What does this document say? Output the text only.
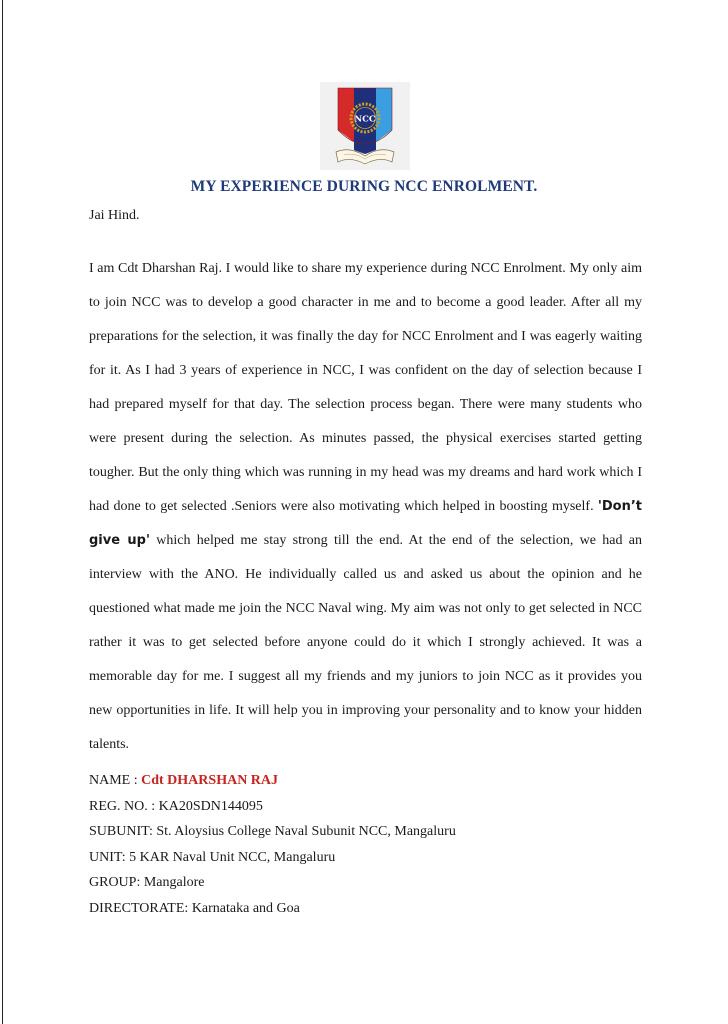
NCC
MY EXPERIENCE DURING NCC ENROLMENT.

Jai Hind.

I am Cdt Dharshan Raj. I would like to share my experience during NCC Enrolment. My only aim to join NCC was to develop a good character in me and to become a good leader. After all my preparations for the selection, it was finally the day for NCC Enrolment and I was eagerly waiting for it. As I had 3 years of experience in NCC, I was confident on the day of selection because I had prepared myself for that day. The selection process began. There were many students who were present during the selection. As minutes passed, the physical exercises started getting tougher. But the only thing which was running in my head was my dreams and hard work which I had done to get selected .Seniors were also motivating which helped in boosting myself. 'Don’t give up' which helped me stay strong till the end. At the end of the selection, we had an interview with the ANO. He individually called us and asked us about the opinion and he questioned what made me join the NCC Naval wing. My aim was not only to get selected in NCC rather it was to get selected before anyone could do it which I strongly achieved. It was a memorable day for me. I suggest all my friends and my juniors to join NCC as it provides you new opportunities in life. It will help you in improving your personality and to know your hidden talents.

NAME : Cdt DHARSHAN RAJ
REG. NO. : KA20SDN144095
SUBUNIT: St. Aloysius College Naval Subunit NCC, Mangaluru
UNIT: 5 KAR Naval Unit NCC, Mangaluru
GROUP: Mangalore
DIRECTORATE: Karnataka and Goa
